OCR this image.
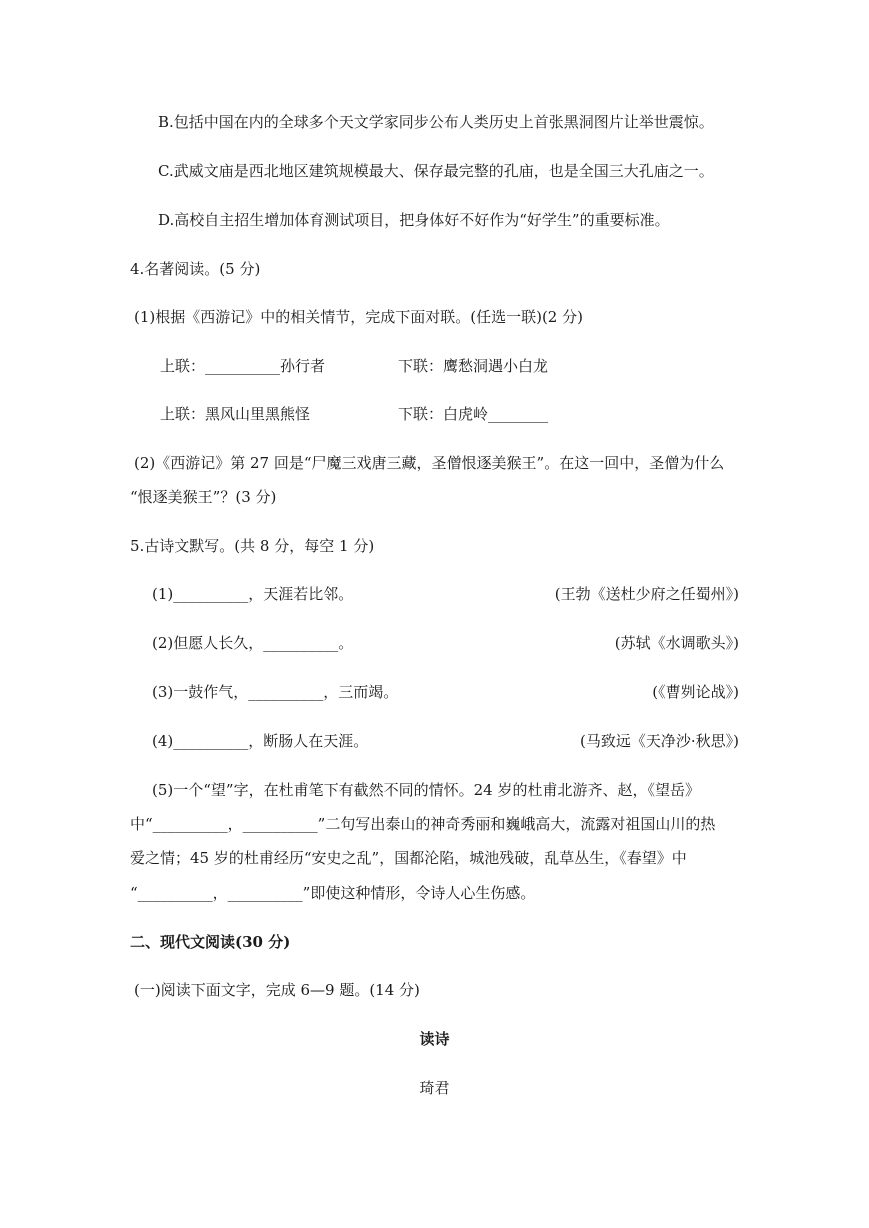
B.包括中国在内的全球多个天文学家同步公布人类历史上首张黑洞图片让举世震惊。
C.武威文庙是西北地区建筑规模最大、保存最完整的孔庙，也是全国三大孔庙之一。
D.高校自主招生增加体育测试项目，把身体好不好作为“好学生”的重要标准。
4.名著阅读。(5 分)
(1)根据《西游记》中的相关情节，完成下面对联。(任选一联)(2 分)
上联：__________孙行者	下联：鹰愁洞遇小白龙
上联：黑风山里黑熊怪	下联：白虎岭________
(2)《西游记》第 27 回是“尸魔三戏唐三藏，圣僧恨逐美猴王”。在这一回中，圣僧为什么
“恨逐美猴王”？(3 分)
5.古诗文默写。(共 8 分，每空 1 分)
(1)__________，天涯若比邻。	(王勃《送杜少府之任蜀州》)
(2)但愿人长久，__________。	(苏轼《水调歌头》)
(3)一鼓作气，__________，三而竭。	(《曹刿论战》)
(4)__________，断肠人在天涯。	(马致远《天净沙·秋思》)
(5)一个“望”字，在杜甫笔下有截然不同的情怀。24 岁的杜甫北游齐、赵，《望岳》
中“__________，__________”二句写出泰山的神奇秀丽和巍峨高大，流露对祖国山川的热
爱之情；45 岁的杜甫经历“安史之乱”，国都沦陷，城池残破，乱草丛生，《春望》中
“__________，__________”即使这种情形，令诗人心生伤感。
二、现代文阅读(30 分)
(一)阅读下面文字，完成 6—9 题。(14 分)
读诗
琦君
